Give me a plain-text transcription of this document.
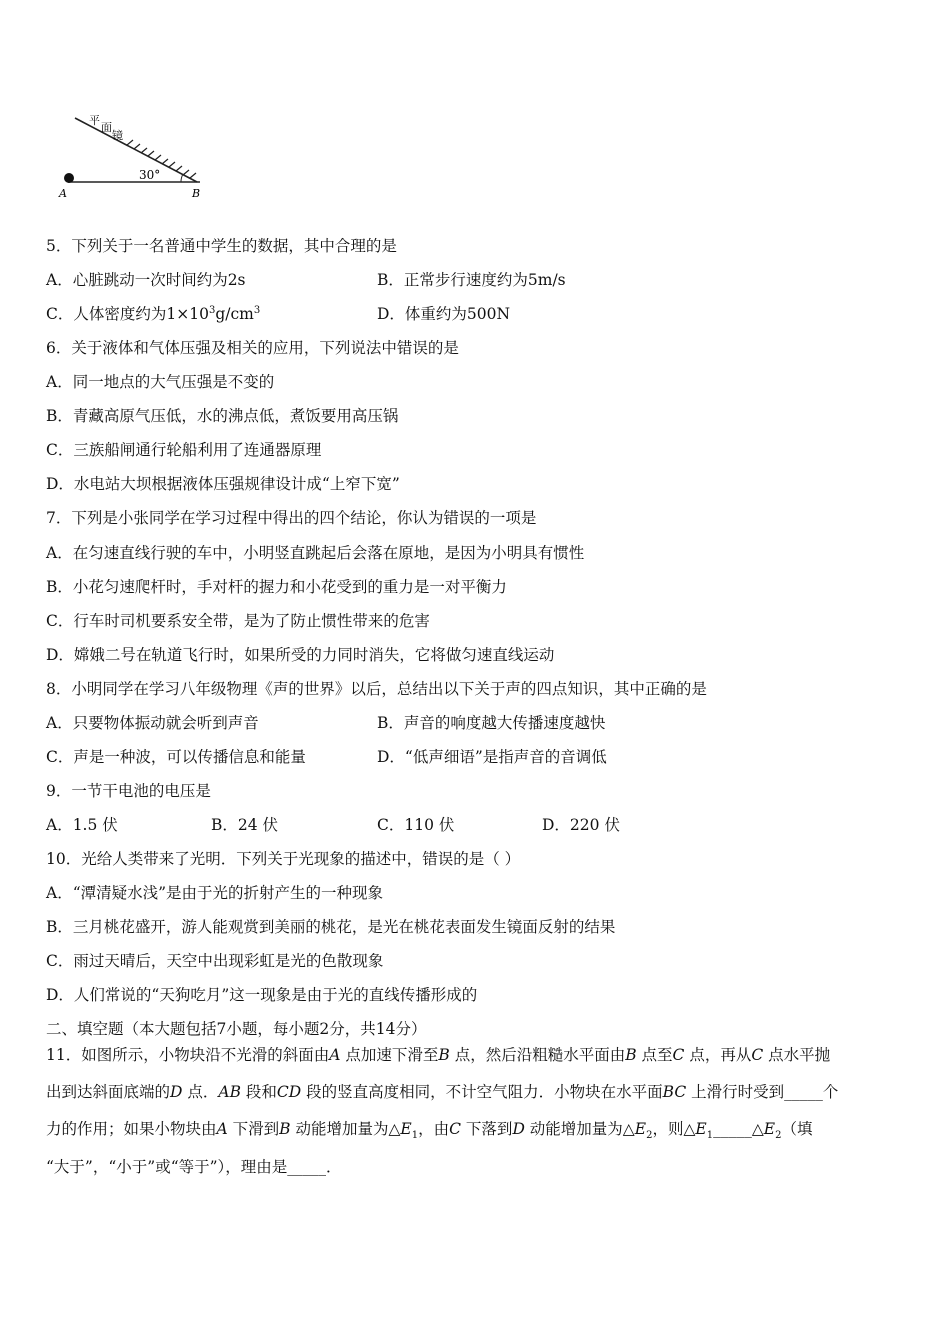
平
面
镜
A	B
30°
5．下列关于一名普通中学生的数据，其中合理的是
A．心脏跳动一次时间约为2s	B．正常步行速度约为5m/s
C．人体密度约为$1\times 10^3g/cm^3$	D．体重约为500N
6．关于液体和气体压强及相关的应用，下列说法中错误的是
A．同一地点的大气压强是不变的
B．青藏高原气压低，水的沸点低，煮饭要用高压锅
C．三族船闸通行轮船利用了连通器原理
D．水电站大坝根据液体压强规律设计成“上窄下宽”
7．下列是小张同学在学习过程中得出的四个结论，你认为错误的一项是
A．在匀速直线行驶的车中，小明竖直跳起后会落在原地，是因为小明具有惯性
B．小花匀速爬杆时，手对杆的握力和小花受到的重力是一对平衡力
C．行车时司机要系安全带，是为了防止惯性带来的危害
D．嫦娥二号在轨道飞行时，如果所受的力同时消失，它将做匀速直线运动
8．小明同学在学习八年级物理《声的世界》以后，总结出以下关于声的四点知识，其中正确的是
A．只要物体振动就会听到声音	B．声音的响度越大传播速度越快
C．声是一种波，可以传播信息和能量	D．“低声细语”是指声音的音调低
9．一节干电池的电压是
A．1.5 伏	B．24 伏	C．110 伏	D．220 伏
10．光给人类带来了光明．下列关于光现象的描述中，错误的是（ ）
A．“潭清疑水浅”是由于光的折射产生的一种现象
B．三月桃花盛开，游人能观赏到美丽的桃花，是光在桃花表面发生镜面反射的结果
C．雨过天晴后，天空中出现彩虹是光的色散现象
D．人们常说的“天狗吃月”这一现象是由于光的直线传播形成的
二、填空题（本大题包括7小题，每小题2分，共14分）
11．如图所示，小物块沿不光滑的斜面由A 点加速下滑至B 点，然后沿粗糙水平面由B 点至C 点，再从C 点水平抛
出到达斜面底端的D 点．AB 段和CD 段的竖直高度相同，不计空气阻力．小物块在水平面BC 上滑行时受到_____个
力的作用；如果小物块由A 下滑到B 动能增加量为$\triangle E_1$，由C 下落到D 动能增加量为$\triangle E_2$，则$\triangle E_1\_\_\_\_\_\triangle E_2$（填
“大于”，“小于”或“等于”），理由是_____．
